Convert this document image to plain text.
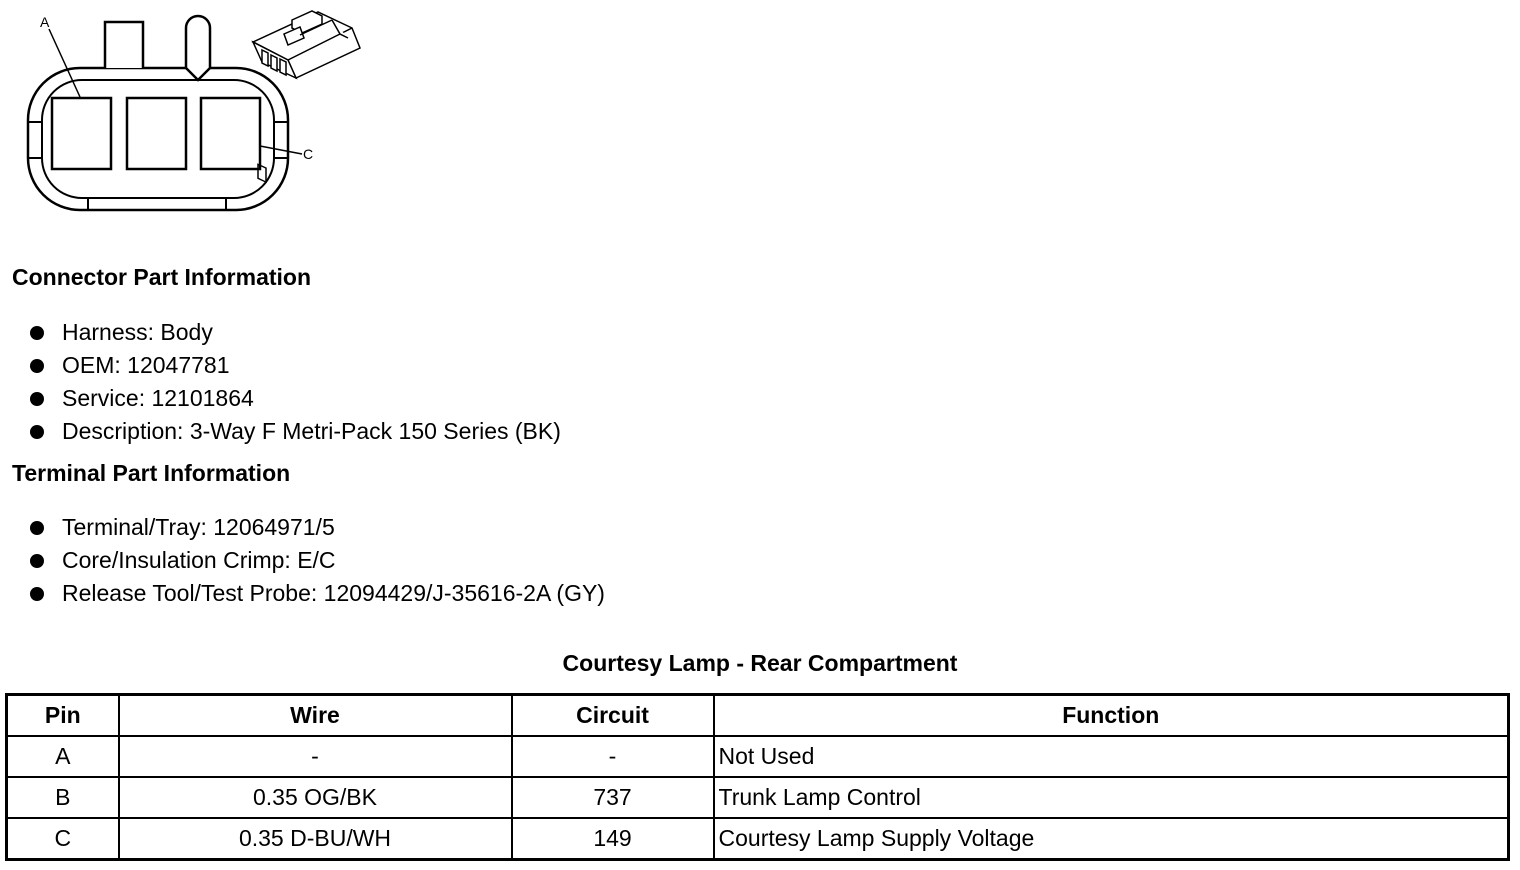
A
C
Connector Part Information
Harness: Body
OEM: 12047781
Service: 12101864
Description: 3-Way F Metri-Pack 150 Series (BK)
Terminal Part Information
Terminal/Tray: 12064971/5
Core/Insulation Crimp: E/C
Release Tool/Test Probe: 12094429/J-35616-2A (GY)
Courtesy Lamp - Rear Compartment
Pin	Wire	Circuit	Function
A	-	-	Not Used
B	0.35 OG/BK	737	Trunk Lamp Control
C	0.35 D-BU/WH	149	Courtesy Lamp Supply Voltage
